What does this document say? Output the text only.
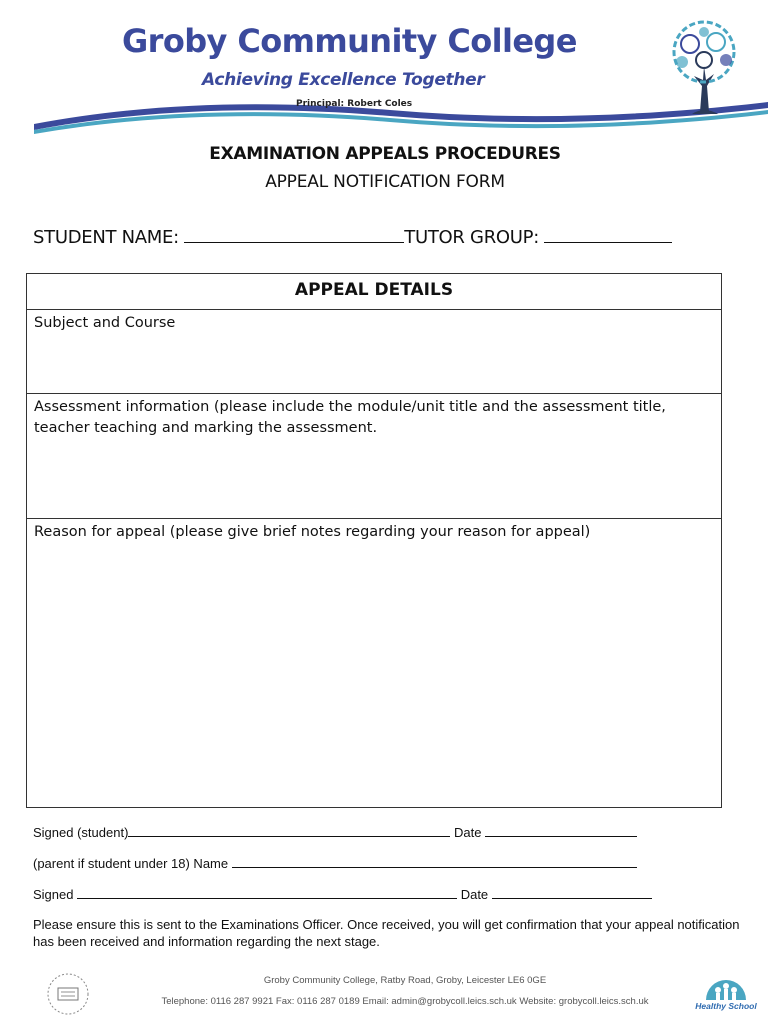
Groby Community College
Achieving Excellence Together
Principal: Robert Coles
EXAMINATION APPEALS PROCEDURES
APPEAL NOTIFICATION FORM
STUDENT NAME:	TUTOR GROUP:
APPEAL DETAILS
Subject and Course
Assessment information (please include the module/unit title and the assessment title, teacher teaching and marking the assessment.
Reason for appeal (please give brief notes regarding your reason for appeal)
Signed (student)	Date
(parent if student under 18) Name
Signed	Date
Please ensure this is sent to the Examinations Officer. Once received, you will get confirmation that your appeal notification has been received and information regarding the next stage.
Groby Community College, Ratby Road, Groby, Leicester LE6 0GE
Telephone: 0116 287 9921 Fax: 0116 287 0189 Email: admin@grobycoll.leics.sch.uk Website: grobycoll.leics.sch.uk	Healthy School
